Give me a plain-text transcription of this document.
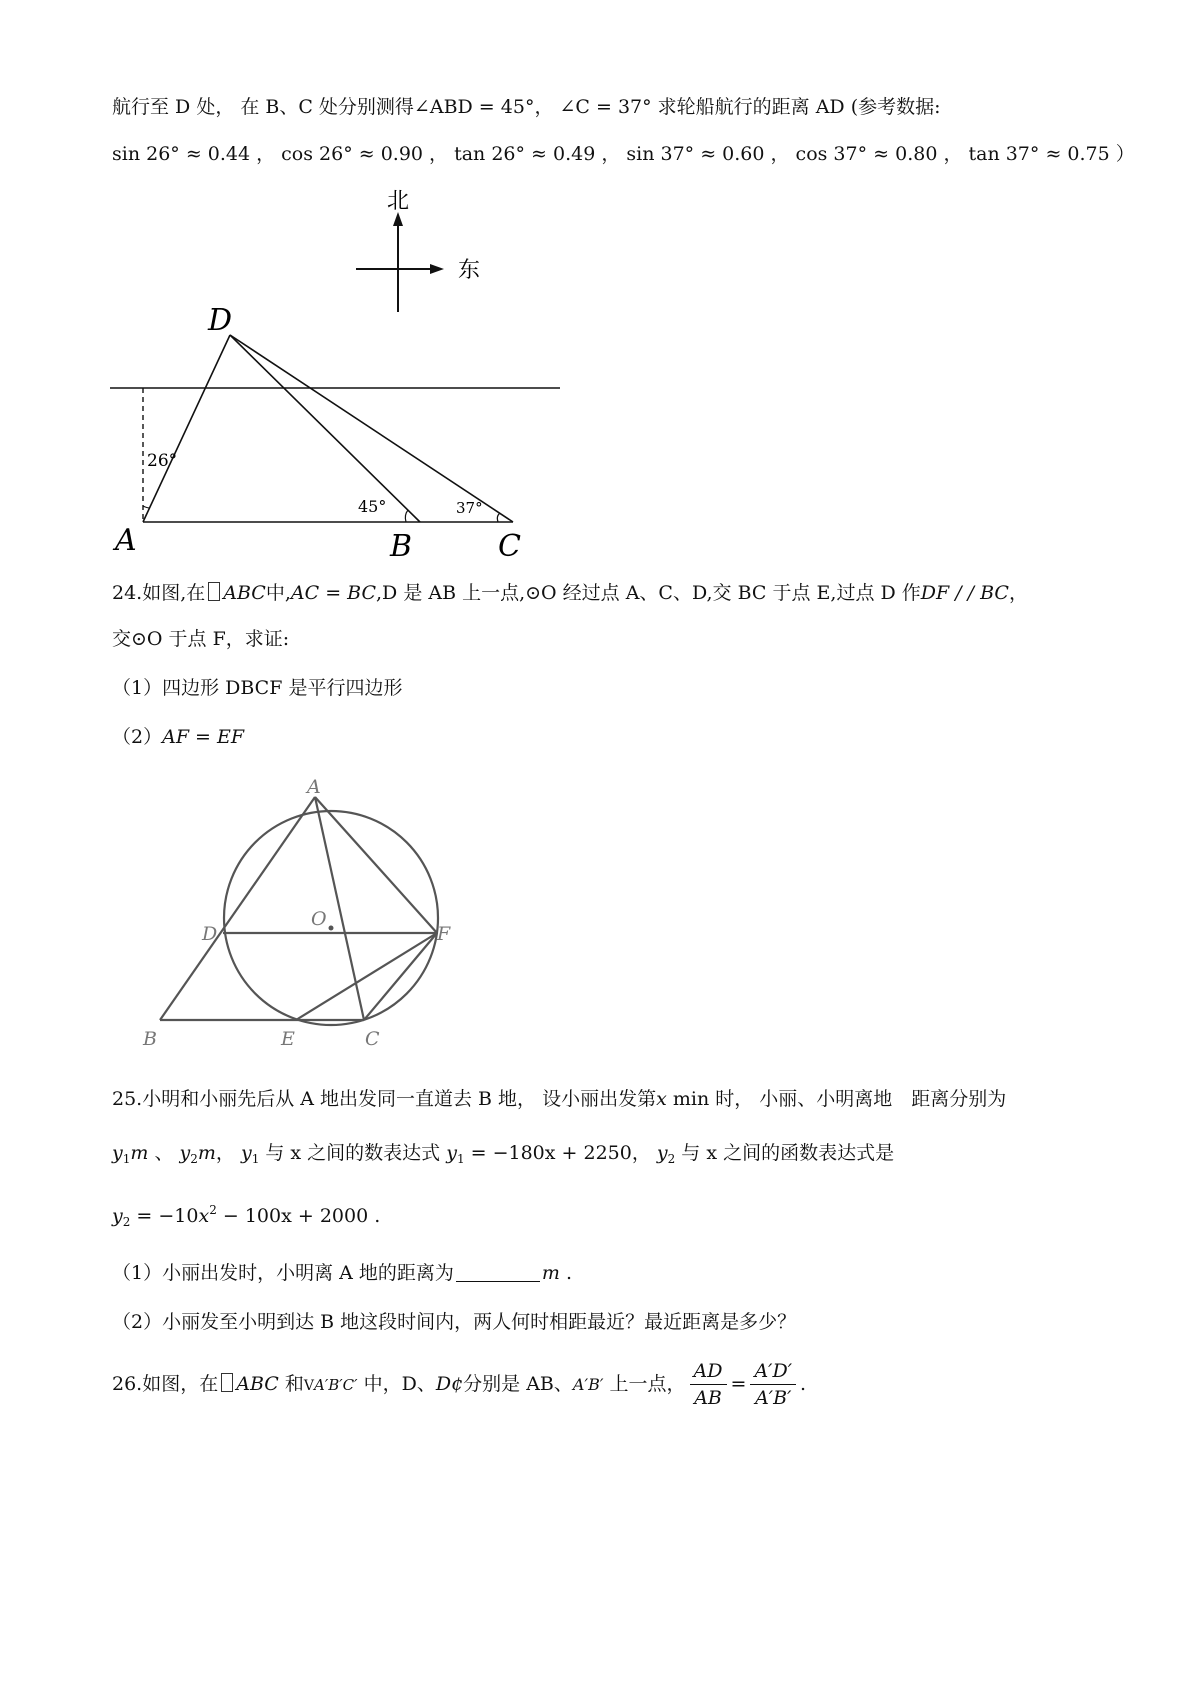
航行至 D 处， 在 B、C 处分别测得∠ABD = 45°， ∠C = 37° 求轮船航行的距离 AD (参考数据:
sin 26° ≈ 0.44 ， cos 26° ≈ 0.90 ， tan 26° ≈ 0.49 ， sin 37° ≈ 0.60 ， cos 37° ≈ 0.80 ， tan 37° ≈ 0.75 ）
北
东
D
A	B	C
26°
45°	37°
24.如图,在 ABC中,AC = BC,D 是 AB 上一点,⊙O 经过点 A、C、D,交 BC 于点 E,过点 D 作DF / / BC，
交⊙O 于点 F，求证:
（1）四边形 DBCF 是平行四边形
（2）AF = EF
A
B	C
D
E
F
O
25.小明和小丽先后从 A 地出发同一直道去 B 地， 设小丽出发第x min 时， 小丽、小明离地　距离分别为
$y_1m$ 、 $y_2m$， $y_1$ 与 x 之间的数表达式 $y_1 = -180x + 2250$， $y_2$ 与 x 之间的函数表达式是
$y_2 = -10x^2 - 100x + 2000$ .
（1）小丽出发时，小明离 A 地的距离为	m .
（2）小丽发至小明到达 B 地这段时间内，两人何时相距最近？最近距离是多少？
26.如图，在 ABC 和VA′B′C′ 中，D、D¢分别是 AB、A′B′ 上一点， $\frac{AD}{AB} = \frac{A'D'}{A'B'}$ .
